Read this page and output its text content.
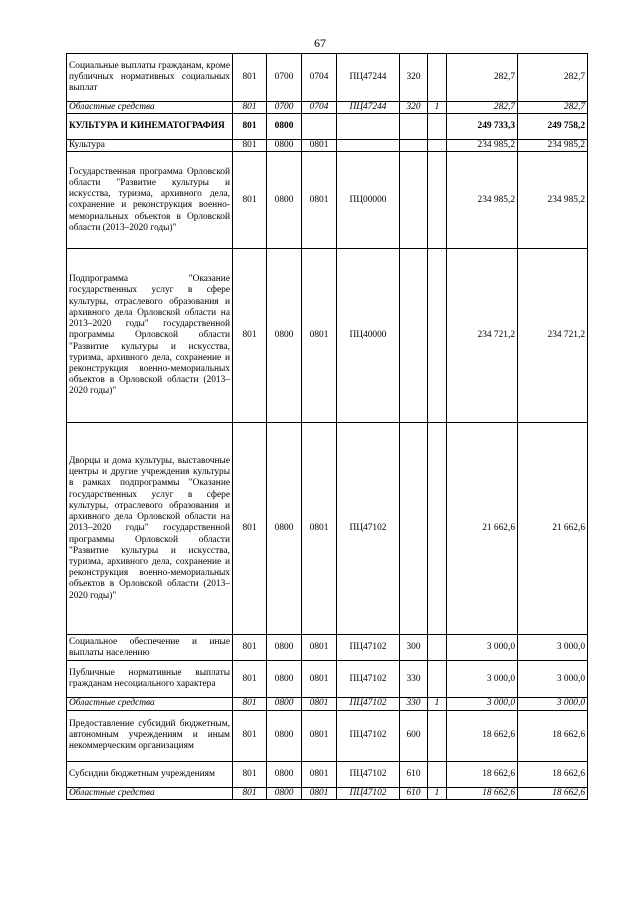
67
Социальные выплаты гражданам, кроме публичных нормативных социальных выплат	801	0700	0704	ПЦ47244	320		282,7	282,7
Областные средства	801	0700	0704	ПЦ47244	320	1	282,7	282,7
КУЛЬТУРА И КИНЕМАТОГРАФИЯ	801	0800					249 733,3	249 758,2
Культура	801	0800	0801				234 985,2	234 985,2
Государственная программа Орловской области "Развитие культуры и искусства, туризма, архивного дела, сохранение и реконструкция военно-мемориальных объектов в Орловской области (2013–2020 годы)"	801	0800	0801	ПЦ00000			234 985,2	234 985,2
Подпрограмма "Оказание государственных услуг в сфере культуры, отраслевого образования и архивного дела Орловской области на 2013–2020 годы" государственной программы Орловской области "Развитие культуры и искусства, туризма, архивного дела, сохранение и реконструкция военно-мемориальных объектов в Орловской области (2013–2020 годы)"	801	0800	0801	ПЦ40000			234 721,2	234 721,2
Дворцы и дома культуры, выставочные центры и другие учреждения культуры в рамках подпрограммы "Оказание государственных услуг в сфере культуры, отраслевого образования и архивного дела Орловской области на 2013–2020 годы" государственной программы Орловской области "Развитие культуры и искусства, туризма, архивного дела, сохранение и реконструкция военно-мемориальных объектов в Орловской области (2013–2020 годы)"	801	0800	0801	ПЦ47102			21 662,6	21 662,6
Социальное обеспечение и иные выплаты населению	801	0800	0801	ПЦ47102	300		3 000,0	3 000,0
Публичные нормативные выплаты гражданам несоциального характера	801	0800	0801	ПЦ47102	330		3 000,0	3 000,0
Областные средства	801	0800	0801	ПЦ47102	330	1	3 000,0	3 000,0
Предоставление субсидий бюджетным, автономным учреждениям и иным некоммерческим организациям	801	0800	0801	ПЦ47102	600		18 662,6	18 662,6
Субсидии бюджетным учреждениям	801	0800	0801	ПЦ47102	610		18 662,6	18 662,6
Областные средства	801	0800	0801	ПЦ47102	610	1	18 662,6	18 662,6
